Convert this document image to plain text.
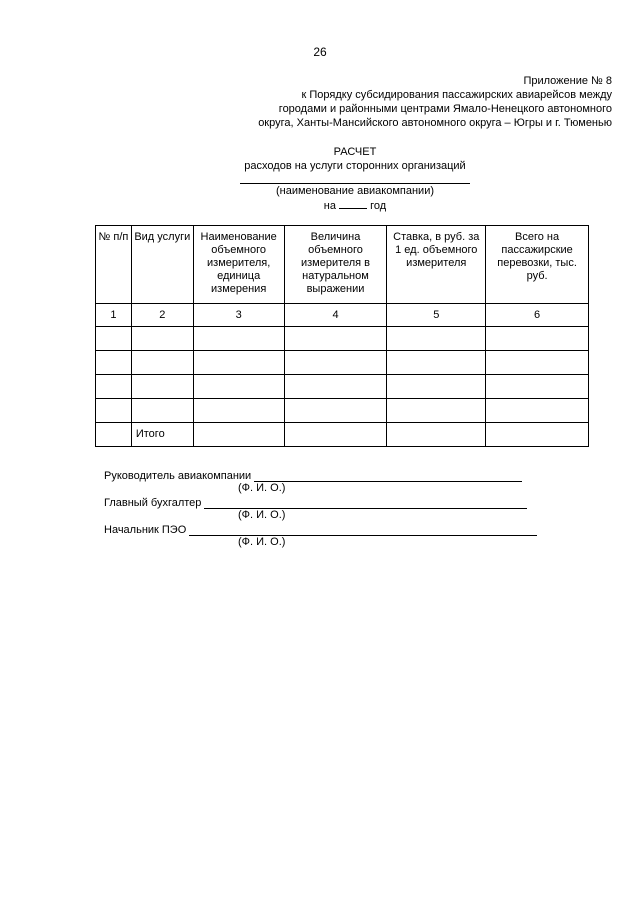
26
Приложение № 8
к Порядку субсидирования пассажирских авиарейсов между
городами и районными центрами Ямало-Ненецкого автономного
округа, Ханты-Мансийского автономного округа – Югры и г. Тюменью
РАСЧЕТ
расходов на услуги сторонних организаций
(наименование авиакомпании)
на	год
№ п/п	Вид услуги	Наименование объемного измерителя, единица измерения	Величина объемного измерителя в натуральном выражении	Ставка, в руб. за 1 ед. объемного измерителя	Всего на пассажирские перевозки, тыс. руб.
1	2	3	4	5	6

	Итого				
Руководитель авиакомпании
(Ф. И. О.)
Главный бухгалтер
(Ф. И. О.)
Начальник ПЭО
(Ф. И. О.)
